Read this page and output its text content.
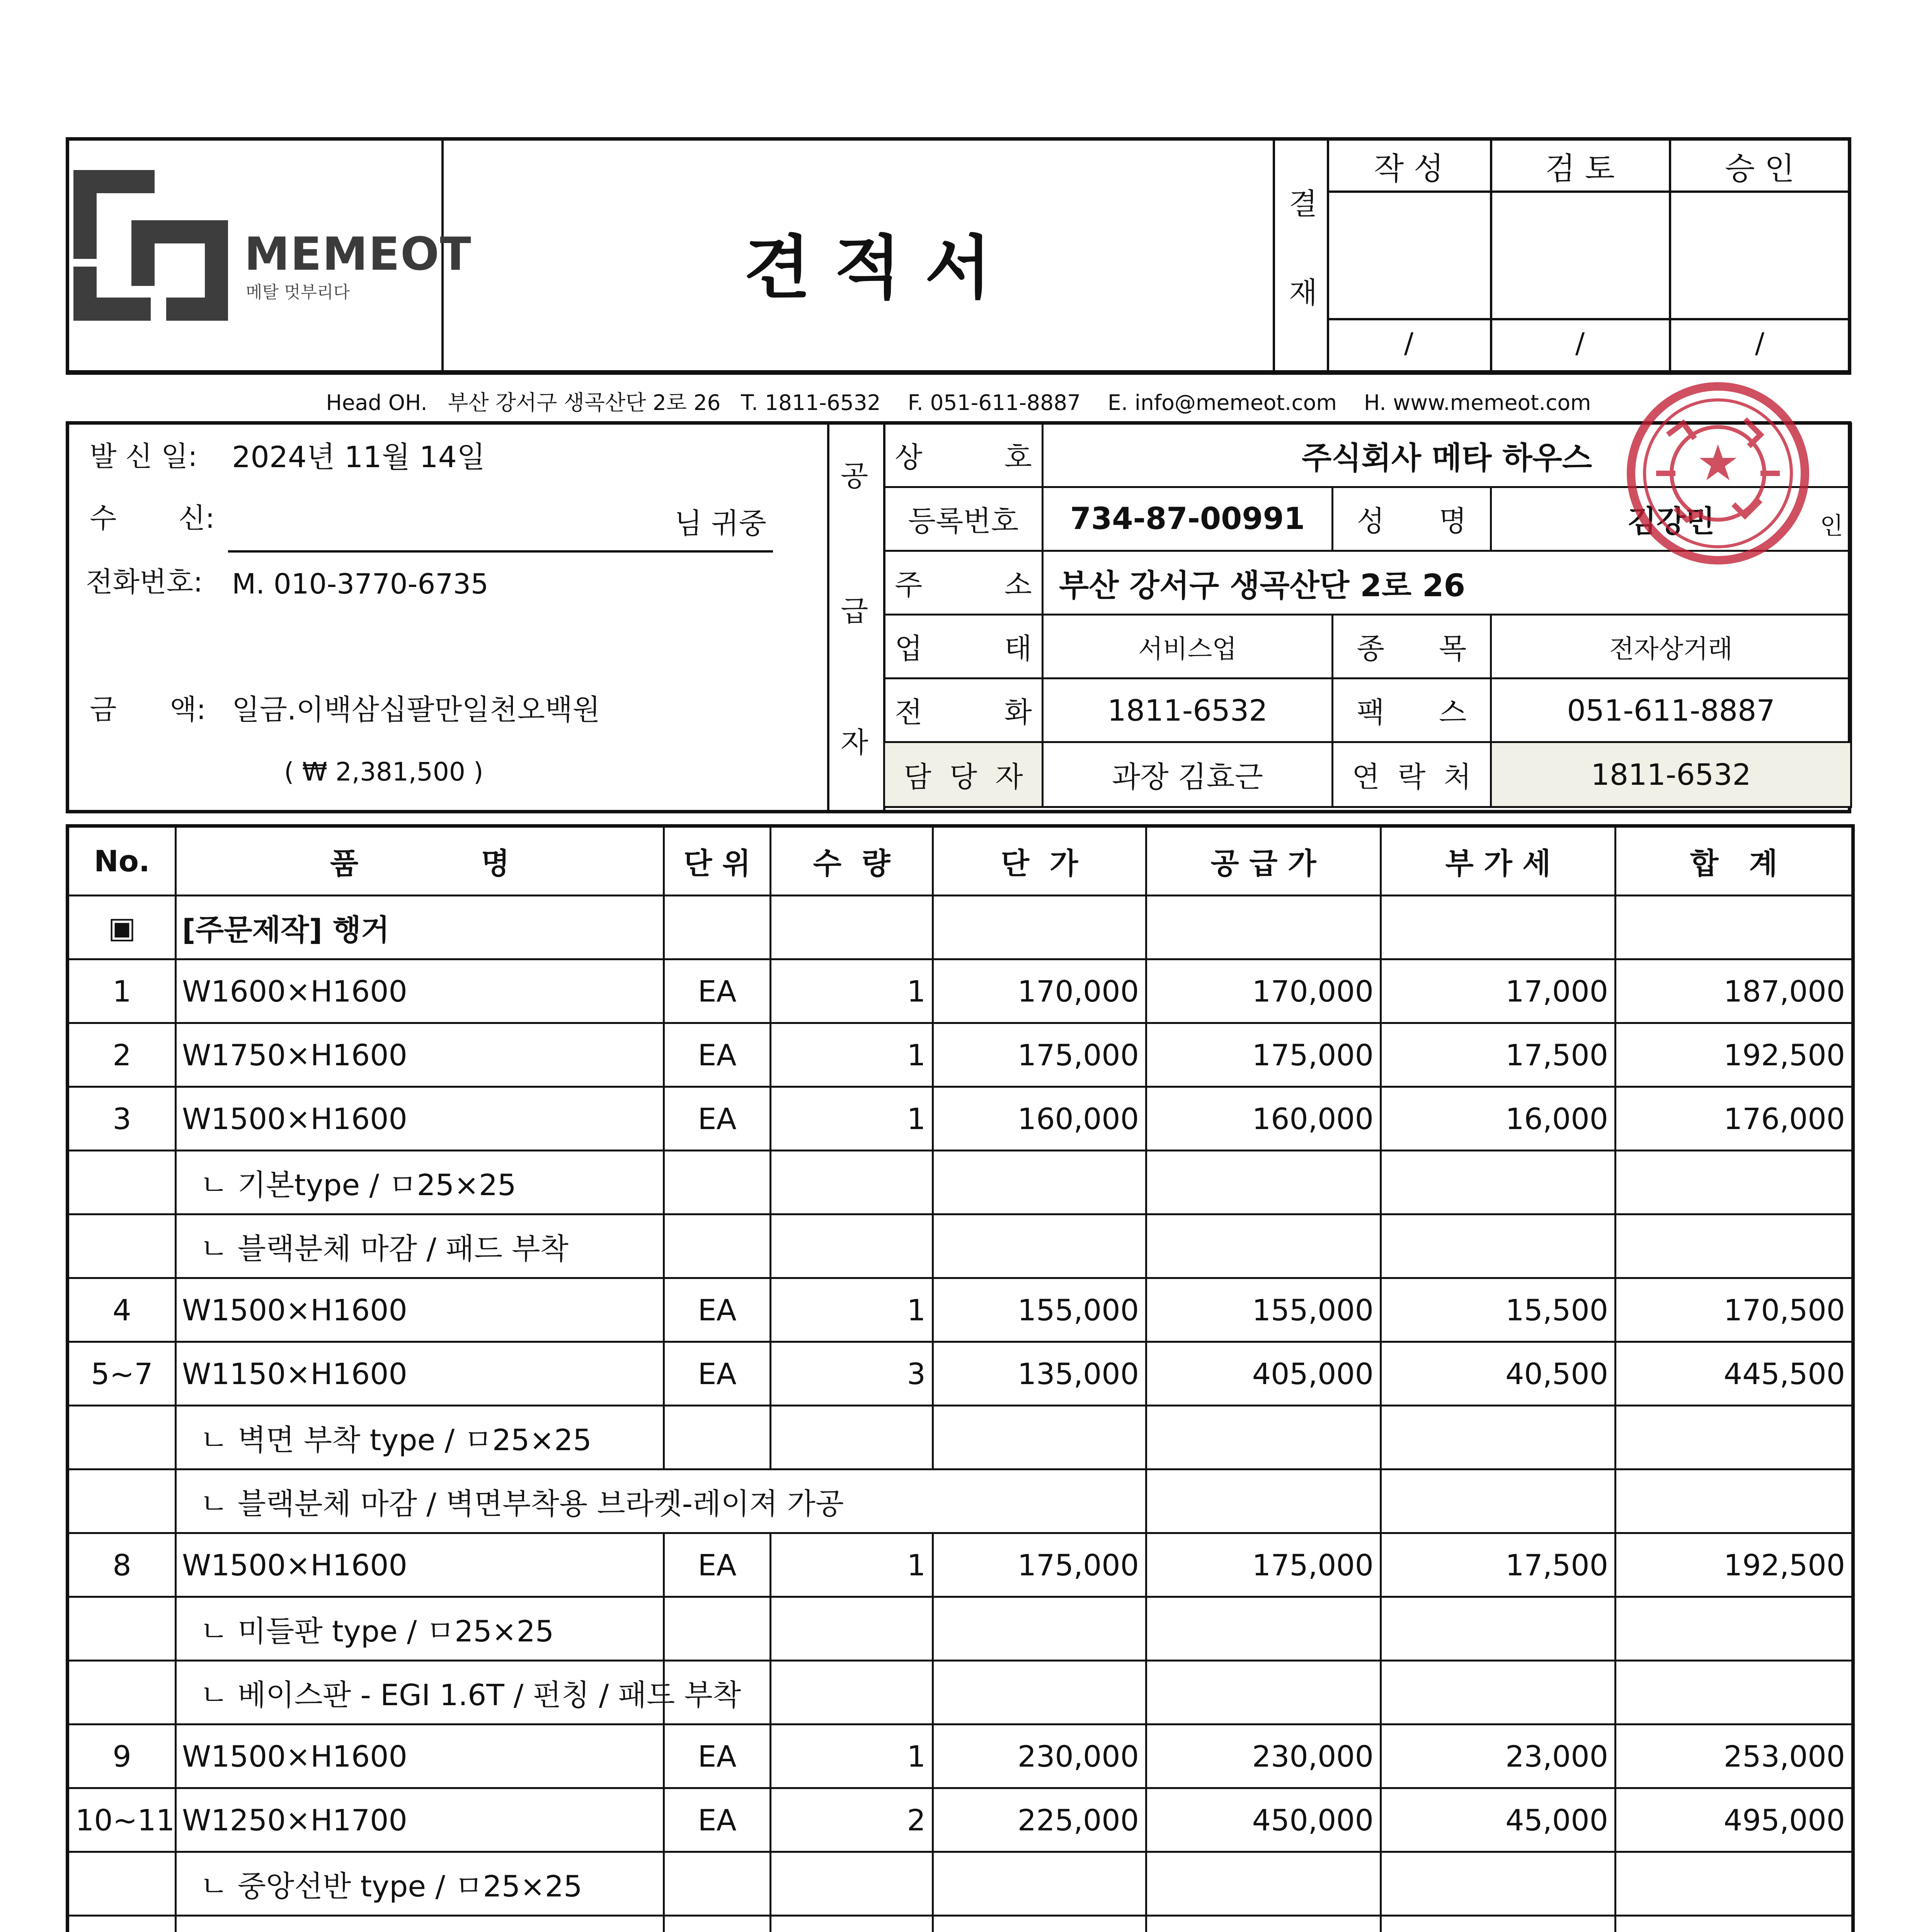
MEMEOT
메탈 멋부리다	견 적 서
결
재
작 성	검 토	승 인
/	/	/
Head OH.   부산 강서구 생곡산단 2로 26   T. 1811-6532    F. 051-611-8887    E. info@memeot.com    H. www.memeot.com
발 신 일: 2024년 11월 14일
수       신:	님 귀중
전화번호: M. 010-3770-6735
금      액: 일금.이백삼십팔만일천오백원
( ₩ 2,381,500 )
공
급
자
상         호	주식회사 메타 하우스		
등록번호	734-87-00991	성      명	김강민 인

주         소	부산 강서구 생곡산단 2로 26		
업         태	서비스업	종      목	전자상거래
전         화	1811-6532	팩      스	051-611-8887
담  당  자	과장 김효근	연  락  처	1811-6532
No.	품            명	단 위	수  량	단  가	공 급 가	부 가 세	합   계
▣	[주문제작] 행거						
1	W1600×H1600	EA	1	170,000	170,000	17,000	187,000
2	W1750×H1600	EA	1	175,000	175,000	17,500	192,500
3	W1500×H1600	EA	1	160,000	160,000	16,000	176,000
	ㄴ 기본type / ㅁ25×25						
	ㄴ 블랙분체 마감 / 패드 부착						
4	W1500×H1600	EA	1	155,000	155,000	15,500	170,500
5~7	W1150×H1600	EA	3	135,000	405,000	40,500	445,500
	ㄴ 벽면 부착 type / ㅁ25×25						
	ㄴ 블랙분체 마감 / 벽면부착용 브라켓-레이져 가공						
8	W1500×H1600	EA	1	175,000	175,000	17,500	192,500
	ㄴ 미들판 type / ㅁ25×25						
	ㄴ 베이스판 - EGI 1.6T / 펀칭 / 패드 부착						
9	W1500×H1600	EA	1	230,000	230,000	23,000	253,000
10~11	W1250×H1700	EA	2	225,000	450,000	45,000	495,000
	ㄴ 중앙선반 type / ㅁ25×25						
